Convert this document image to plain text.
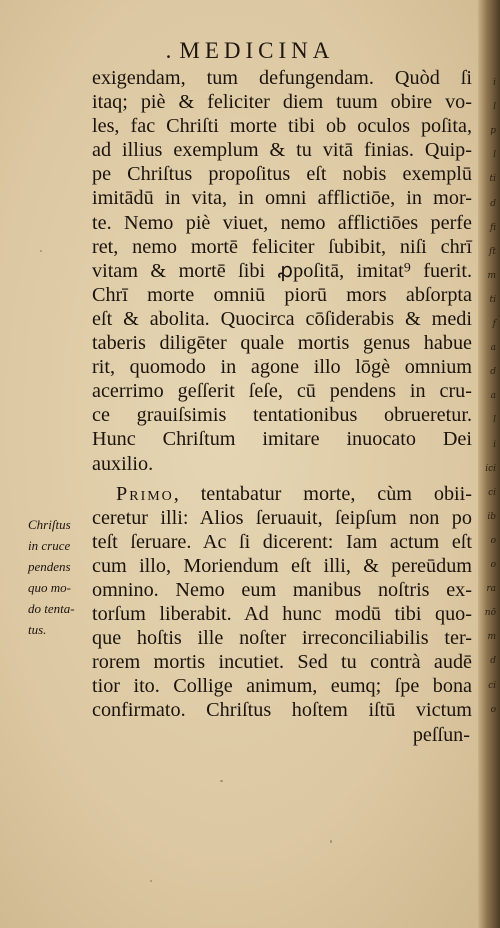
i
l
p
l
ti
d
fi
ſt
m
ti
f
a
d
a
l
i
ici
ci
ib
o
o
ra
nō
m
d
ci
o
. MEDICINA
exigendam, tum defungendam. Quòd ſi
itaq; piè & feliciter diem tuum obire vo-
les, fac Chriſti morte tibi ob oculos poſita,
ad illius exemplum & tu vitā finias. Quip-
pe Chriſtus propoſitus eſt nobis exemplū
imitādū in vita, in omni afflictiōe, in mor-
te. Nemo piè viuet, nemo afflictiōes perfe
ret, nemo mortē feliciter ſubibit, niſi chrī
vitam & mortē ſibi ꝓpoſitā, imitat⁹ fuerit.
Chrī morte omniū piorū mors abſorpta
eſt & abolita. Quocirca cōſiderabis & medi
taberis diligēter quale mortis genus habue
rit, quomodo in agone illo lōgè omnium
acerrimo geſſerit ſeſe, cū pendens in cru-
ce grauiſsimis tentationibus obrueretur.
Hunc Chriſtum imitare inuocato Dei
auxilio.
Primo, tentabatur morte, cùm obii-
ceretur illi: Alios ſeruauit, ſeipſum non po
teſt ſeruare. Ac ſi dicerent: Iam actum eſt
cum illo, Moriendum eſt illi, & pereūdum
omnino. Nemo eum manibus noſtris ex-
torſum liberabit. Ad hunc modū tibi quo-
que hoſtis ille noſter irreconciliabilis ter-
rorem mortis incutiet. Sed tu contrà audē
tior ito. Collige animum, eumq; ſpe bona
confirmato. Chriſtus hoſtem iſtū victum
peſſun-
Chriſtus
in cruce
pendens
quo mo-
do tenta-
tus.
